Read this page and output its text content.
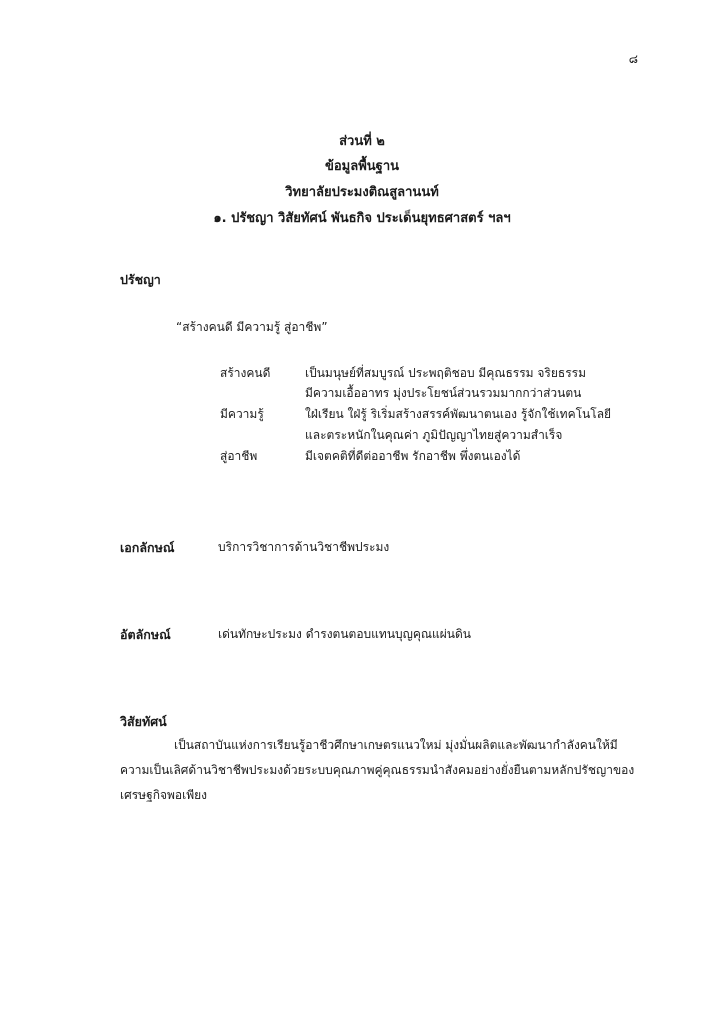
๘
ส่วนที่ ๒
ข้อมูลพื้นฐาน
วิทยาลัยประมงติณสูลานนท์
๑. ปรัชญา วิสัยทัศน์ พันธกิจ ประเด็นยุทธศาสตร์ ฯลฯ
ปรัชญา
“สร้างคนดี มีความรู้ สู่อาชีพ”
สร้างคนดี	เป็นมนุษย์ที่สมบูรณ์ ประพฤติชอบ มีคุณธรรม จริยธรรม
มีความเอื้ออาทร มุ่งประโยชน์ส่วนรวมมากกว่าส่วนตน
มีความรู้	ใฝ่เรียน ใฝ่รู้ ริเริ่มสร้างสรรค์พัฒนาตนเอง รู้จักใช้เทคโนโลยี
และตระหนักในคุณค่า ภูมิปัญญาไทยสู่ความสำเร็จ
สู่อาชีพ	มีเจตคติที่ดีต่ออาชีพ รักอาชีพ พึ่งตนเองได้
เอกลักษณ์	บริการวิชาการด้านวิชาชีพประมง
อัตลักษณ์	เด่นทักษะประมง ดำรงตนตอบแทนบุญคุณแผ่นดิน
วิสัยทัศน์
เป็นสถาบันแห่งการเรียนรู้อาชีวศึกษาเกษตรแนวใหม่ มุ่งมั่นผลิตและพัฒนากำลังคนให้มีความเป็นเลิศด้านวิชาชีพประมงด้วยระบบคุณภาพคู่คุณธรรมนำสังคมอย่างยั่งยืนตามหลักปรัชญาของเศรษฐกิจพอเพียง
